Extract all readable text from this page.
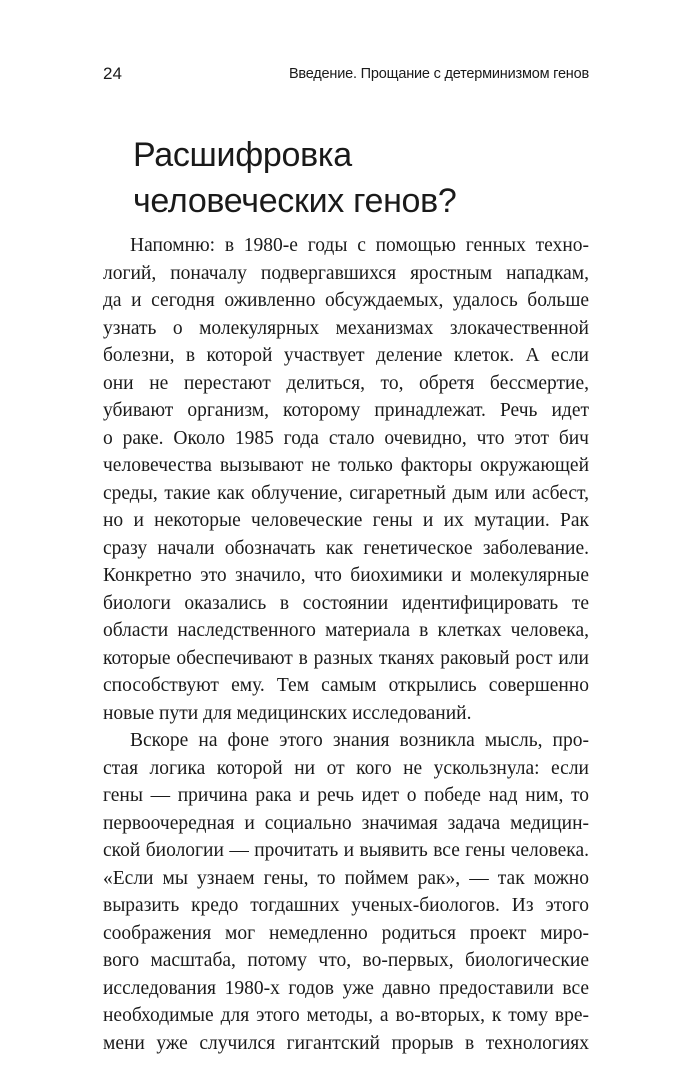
24	Введение. Прощание с детерминизмом генов
Расшифровка
человеческих генов?
Напомню: в 1980-е годы с помощью генных техно-
логий, поначалу подвергавшихся яростным нападкам,
да и сегодня оживленно обсуждаемых, удалось больше
узнать о молекулярных механизмах злокачественной
болезни, в которой участвует деление клеток. А если
они не перестают делиться, то, обретя бессмертие,
убивают организм, которому принадлежат. Речь идет
о раке. Около 1985 года стало очевидно, что этот бич
человечества вызывают не только факторы окружающей
среды, такие как облучение, сигаретный дым или асбест,
но и некоторые человеческие гены и их мутации. Рак
сразу начали обозначать как генетическое заболевание.
Конкретно это значило, что биохимики и молекулярные
биологи оказались в состоянии идентифицировать те
области наследственного материала в клетках человека,
которые обеспечивают в разных тканях раковый рост или
способствуют ему. Тем самым открылись совершенно
новые пути для медицинских исследований.
Вскоре на фоне этого знания возникла мысль, про-
стая логика которой ни от кого не ускользнула: если
гены — причина рака и речь идет о победе над ним, то
первоочередная и социально значимая задача медицин-
ской биологии — прочитать и выявить все гены человека.
«Если мы узнаем гены, то поймем рак», — так можно
выразить кредо тогдашних ученых-биологов. Из этого
соображения мог немедленно родиться проект миро-
вого масштаба, потому что, во-первых, биологические
исследования 1980-х годов уже давно предоставили все
необходимые для этого методы, а во-вторых, к тому вре-
мени уже случился гигантский прорыв в технологиях
